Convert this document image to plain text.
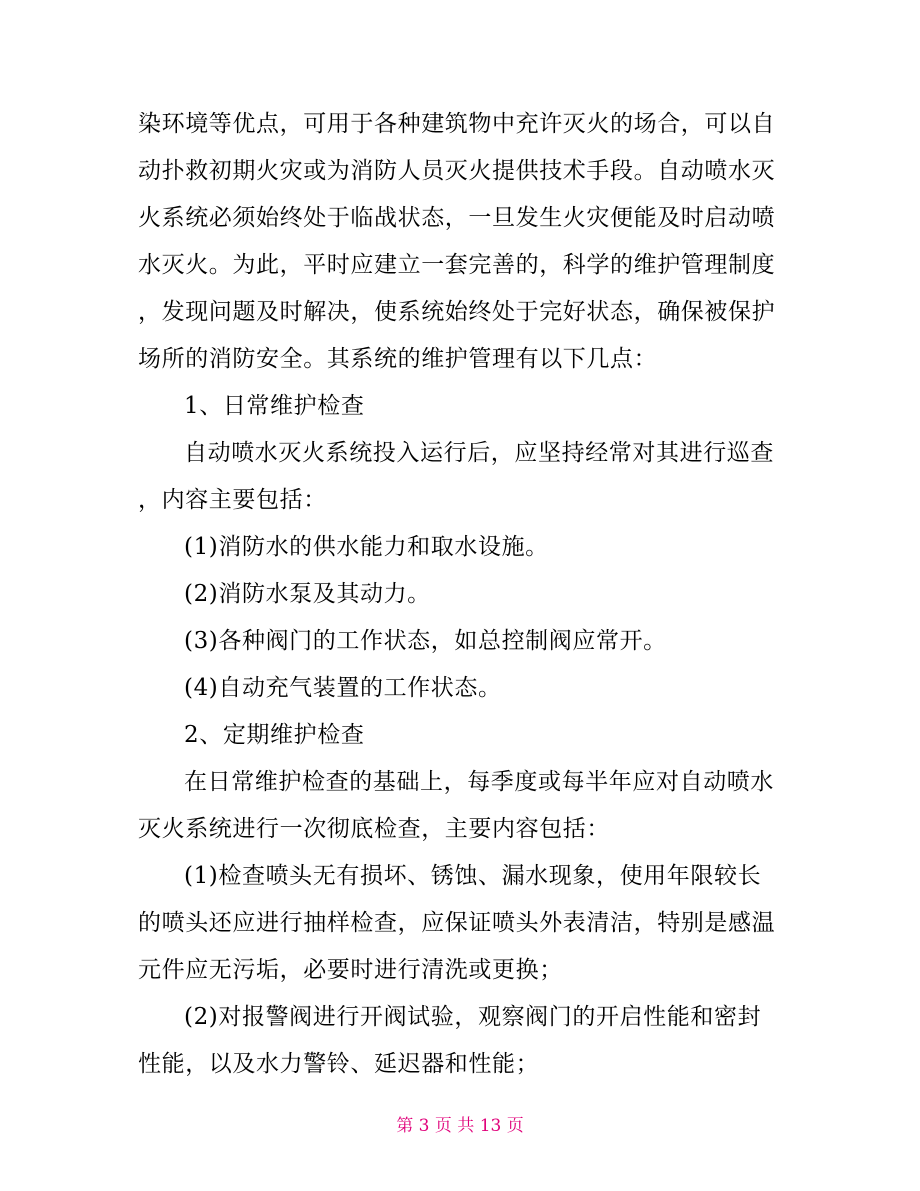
染环境等优点，可用于各种建筑物中充许灭火的场合，可以自

动扑救初期火灾或为消防人员灭火提供技术手段。自动喷水灭

火系统必须始终处于临战状态，一旦发生火灾便能及时启动喷

水灭火。为此，平时应建立一套完善的，科学的维护管理制度

，发现问题及时解决，使系统始终处于完好状态，确保被保护

场所的消防安全。其系统的维护管理有以下几点：

1、日常维护检查

自动喷水灭火系统投入运行后，应坚持经常对其进行巡查

，内容主要包括：

(1)消防水的供水能力和取水设施。

(2)消防水泵及其动力。

(3)各种阀门的工作状态，如总控制阀应常开。

(4)自动充气装置的工作状态。

2、定期维护检查

在日常维护检查的基础上，每季度或每半年应对自动喷水

灭火系统进行一次彻底检查，主要内容包括：

(1)检查喷头无有损坏、锈蚀、漏水现象，使用年限较长

的喷头还应进行抽样检查，应保证喷头外表清洁，特别是感温

元件应无污垢，必要时进行清洗或更换；

(2)对报警阀进行开阀试验，观察阀门的开启性能和密封

性能，以及水力警铃、延迟器和性能；

第 3 页 共 13 页
